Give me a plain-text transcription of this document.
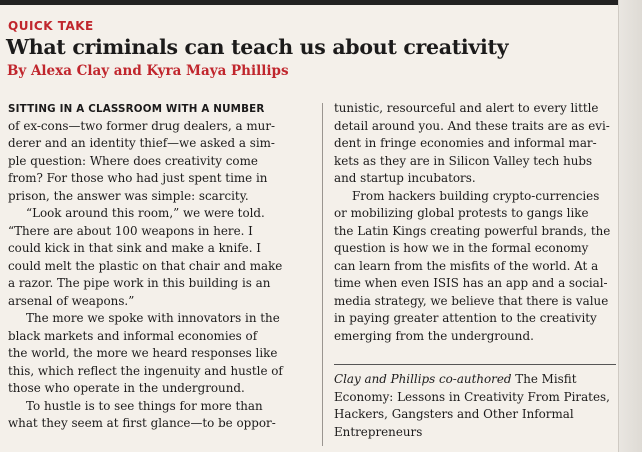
QUICK TAKE
What criminals can teach us about creativity
By Alexa Clay and Kyra Maya Phillips
SITTING IN A CLASSROOM WITH A NUMBER
of ex-cons—two former drug dealers, a mur-
derer and an identity thief—we asked a sim-
ple question: Where does creativity come
from? For those who had just spent time in
prison, the answer was simple: scarcity.
“Look around this room,” we were told.
“There are about 100 weapons in here. I
could kick in that sink and make a knife. I
could melt the plastic on that chair and make
a razor. The pipe work in this building is an
arsenal of weapons.”
The more we spoke with innovators in the
black markets and informal economies of
the world, the more we heard responses like
this, which reflect the ingenuity and hustle of
those who operate in the underground.
To hustle is to see things for more than
what they seem at first glance—to be oppor-
tunistic, resourceful and alert to every little
detail around you. And these traits are as evi-
dent in fringe economies and informal mar-
kets as they are in Silicon Valley tech hubs
and startup incubators.
From hackers building crypto-currencies
or mobilizing global protests to gangs like
the Latin Kings creating powerful brands, the
question is how we in the formal economy
can learn from the misfits of the world. At a
time when even ISIS has an app and a social-
media strategy, we believe that there is value
in paying greater attention to the creativity
emerging from the underground.
Clay and Phillips co-authored The Misfit
Economy: Lessons in Creativity From Pirates,
Hackers, Gangsters and Other Informal
Entrepreneurs
